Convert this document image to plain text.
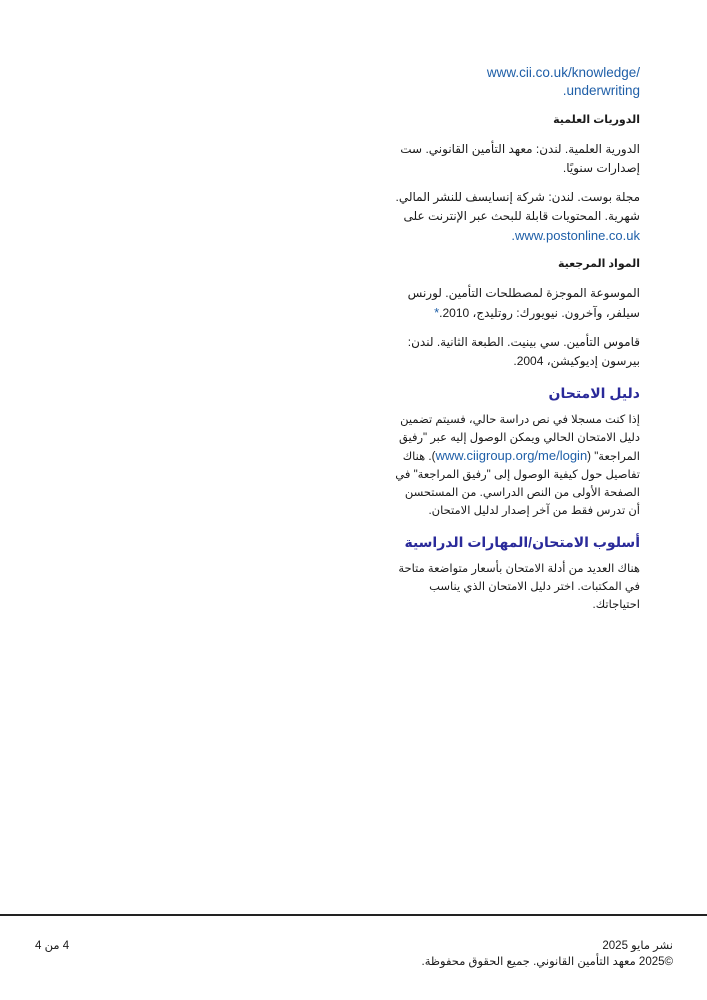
www.cii.co.uk/knowledge/
.underwriting
الدوريات العلمية

الدورية العلمية. لندن: معهد التأمين القانوني. ست إصدارات سنويًا.

مجلة بوست. لندن: شركة إنسايسف للنشر المالي. شهرية. المحتويات قابلة للبحث عبر الإنترنت على www.postonline.co.uk.

المواد المرجعية

الموسوعة الموجزة لمصطلحات التأمين. لورنس سيلفر، وآخرون. نيويورك: روتليدج، 2010.*

قاموس التأمين. سي بينيت. الطبعة الثانية. لندن: بيرسون إديوكيشن، 2004.

دليل الامتحان

إذا كنت مسجلا في نص دراسة حالي، فسيتم تضمين دليل الامتحان الحالي ويمكن الوصول إليه عبر "رفيق المراجعة" (www.ciigroup.org/me/login). هناك تفاصيل حول كيفية الوصول إلى "رفيق المراجعة" في الصفحة الأولى من النص الدراسي. من المستحسن أن تدرس فقط من آخر إصدار لدليل الامتحان.

أسلوب الامتحان/المهارات الدراسية

هناك العديد من أدلة الامتحان بأسعار متواضعة متاحة في المكتبات. اختر دليل الامتحان الذي يناسب احتياجاتك.

4 من 4	نشر مايو 2025
©2025 معهد التأمين القانوني. جميع الحقوق محفوظة.
